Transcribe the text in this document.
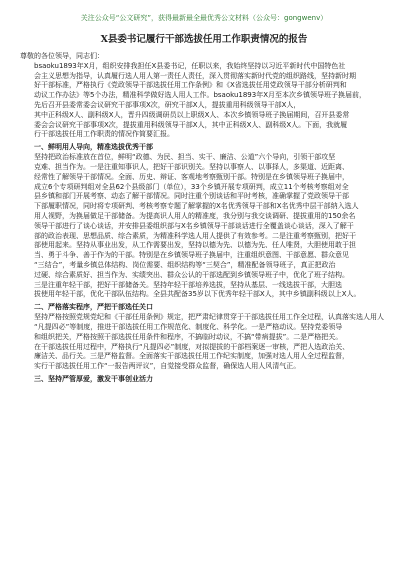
关注公众号“公文研究”，获得最新最全最优秀公文材料（公众号：gongwenv）
X县委书记履行干部选拔任用工作职责情况的报告

尊敬的各位领导，同志们：

bsaoku1893年X月，组织安排我担任X县委书记，任职以来，我始终坚持以习近平新时代中国特色社
会主义思想为指导，认真履行选人用人第一责任人责任，深入贯彻落实新时代党的组织路线，坚持新时期
好干部标准，严格执行《党政领导干部选拔任用工作条例》和《X省选拔任用党政领导干部分析研判和
动议工作办法》等5个办法，精准科学做好选人用人工作。bsaoku1893年X月至本次乡镇领导班子换届前，
先后召开县委常委会议研究干部事项X次，研究干部X人，提拔重用科级领导干部X人，
其中正科级X人、副科级X人，晋升四级调研员以上职级X人、本次乡镇领导班子换届期间，召开县委常
委会会议研究干部事项X次，提拔重用科级领导干部X人，其中正科级X人、副科级X人。下面，我就履
行干部选拔任用工作职责的情况作简要汇报。
一、鲜明用人导向，精准选拔优秀干部
坚持把政治标准放在首位，鲜明“政德、为民、担当、实干、廉洁、公道”六个导向，引领干部攻坚
克难、担当作为。一是注重知事识人，把好干部识别关。坚持以事察人、以事择人，多渠道、近距离、
经常性了解领导干部情况。全面、历史、辩证、客观地考察甄别干部。特别是在乡镇领导班子换届中，
成立6个专项研判组对全县62个县级部门（单位），33个乡镇开展专项研判，成立11个考核考察组对全
县乡镇和部门开展考察、动态了解干部情况。同时注重个别谈话和平时考核，准确掌握了党政领导干部
下部履职情况，同时将专项研判、考核考察专题了解掌握的X名优秀领导干部和X名优秀中层干部纳入选人
用人视野，为换届做足干部储备。为提高识人用人的精准度，我分别与我交谈调研、提拔重用的150余名
领导干部进行了谈心谈话，并安排县委组织部与X名乡镇领导干部谈话进行全覆盖谈心谈话，深入了解干
部的政治表现、思想品质、综合素质，为精准科学选人用人提供了有效参考。二是注重考察甄别，把好干
部使用起来。坚持从事业出发，从工作需要出发，坚持以德为先、以德为先、任人唯贤，大胆使用敢于担
当、勇于斗争、善于作为的干部。特别是在乡镇领导班子换届中，注重组织意图、干部意愿、群众意见
“三结合”，考量乡镇总体结构、岗位需要、组织结构等“三契合”，精准配备领导班子，真正把政治
过硬、综合素质好、担当作为、实绩突出、群众公认的干部选配到乡镇领导班子中，优化了班子结构。
三是注重年轻干部，把好干部储备关。坚持年轻干部培养选拔，坚持从基层、一线选拔干部，大胆选
拔使用年轻干部，优化干部队伍结构。全县共配备35岁以下优秀年轻干部X人，其中乡镇副科级以上X人。
二、严格落实程序，严把干部选任关口
坚持严格按照党规党纪和《干部任用条例》规定，把严肃纪律贯穿于干部选拔任用工作全过程，认真落实选人用人
“凡提四必”等制度，推进干部选拔任用工作规范化、制度化、科学化。一是严格动议。坚持党委领导
和组织把关，严格按照干部选拔任用条件和程序，不搞临时动议，不搞“带病提拔”。二是严格把关。
在干部选拔任用过程中，严格执行“凡提四必”制度，对拟提拔的干部档案逐一审核，严把人选政治关、
廉洁关、品行关。三是严格监督。全面落实干部选拔任用工作纪实制度，加强对选人用人全过程监督，
实行干部选拔任用工作“一报告两评议”，自觉接受群众监督，确保选人用人风清气正。
三、坚持严管厚爱，激发干事创业活力
